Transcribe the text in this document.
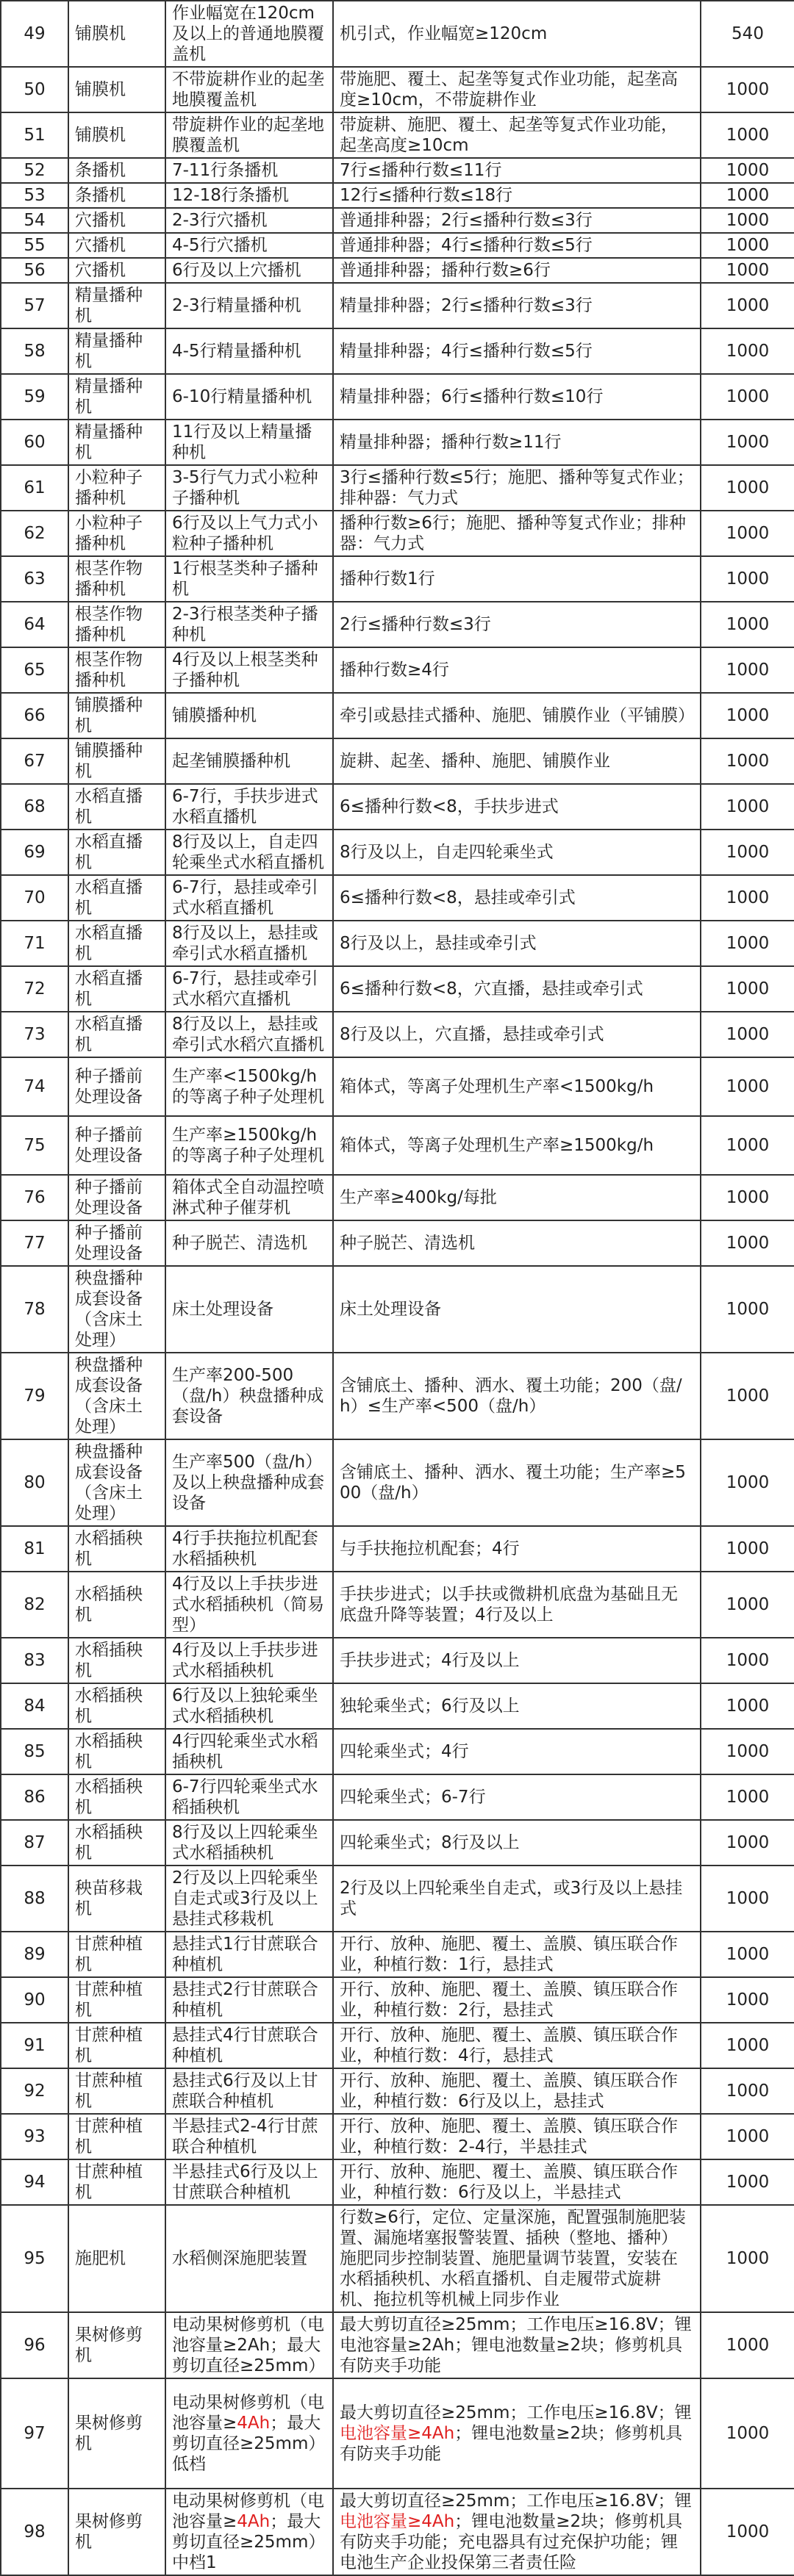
49	铺膜机	作业幅宽在120cm及以上的普通地膜覆盖机	机引式，作业幅宽≥120cm	540
50	铺膜机	不带旋耕作业的起垄地膜覆盖机	带施肥、覆土、起垄等复式作业功能，起垄高度≥10cm，不带旋耕作业	1000
51	铺膜机	带旋耕作业的起垄地膜覆盖机	带旋耕、施肥、覆土、起垄等复式作业功能，起垄高度≥10cm	1000
52	条播机	7-11行条播机	7行≤播种行数≤11行	1000
53	条播机	12-18行条播机	12行≤播种行数≤18行	1000
54	穴播机	2-3行穴播机	普通排种器；2行≤播种行数≤3行	1000
55	穴播机	4-5行穴播机	普通排种器；4行≤播种行数≤5行	1000
56	穴播机	6行及以上穴播机	普通排种器；播种行数≥6行	1000
57	精量播种机	2-3行精量播种机	精量排种器；2行≤播种行数≤3行	1000
58	精量播种机	4-5行精量播种机	精量排种器；4行≤播种行数≤5行	1000
59	精量播种机	6-10行精量播种机	精量排种器；6行≤播种行数≤10行	1000
60	精量播种机	11行及以上精量播种机	精量排种器；播种行数≥11行	1000
61	小粒种子播种机	3-5行气力式小粒种子播种机	3行≤播种行数≤5行；施肥、播种等复式作业；排种器：气力式	1000
62	小粒种子播种机	6行及以上气力式小粒种子播种机	播种行数≥6行；施肥、播种等复式作业；排种器：气力式	1000
63	根茎作物播种机	1行根茎类种子播种机	播种行数1行	1000
64	根茎作物播种机	2-3行根茎类种子播种机	2行≤播种行数≤3行	1000
65	根茎作物播种机	4行及以上根茎类种子播种机	播种行数≥4行	1000
66	铺膜播种机	铺膜播种机	牵引或悬挂式播种、施肥、铺膜作业（平铺膜）	1000
67	铺膜播种机	起垄铺膜播种机	旋耕、起垄、播种、施肥、铺膜作业	1000
68	水稻直播机	6-7行，手扶步进式水稻直播机	6≤播种行数<8，手扶步进式	1000
69	水稻直播机	8行及以上，自走四轮乘坐式水稻直播机	8行及以上，自走四轮乘坐式	1000
70	水稻直播机	6-7行，悬挂或牵引式水稻直播机	6≤播种行数<8，悬挂或牵引式	1000
71	水稻直播机	8行及以上，悬挂或牵引式水稻直播机	8行及以上，悬挂或牵引式	1000
72	水稻直播机	6-7行，悬挂或牵引式水稻穴直播机	6≤播种行数<8，穴直播，悬挂或牵引式	1000
73	水稻直播机	8行及以上，悬挂或牵引式水稻穴直播机	8行及以上，穴直播，悬挂或牵引式	1000
74	种子播前处理设备	生产率<1500kg/h的等离子种子处理机	箱体式，等离子处理机生产率<1500kg/h	1000
75	种子播前处理设备	生产率≥1500kg/h的等离子种子处理机	箱体式，等离子处理机生产率≥1500kg/h	1000
76	种子播前处理设备	箱体式全自动温控喷淋式种子催芽机	生产率≥400kg/每批	1000
77	种子播前处理设备	种子脱芒、清选机	种子脱芒、清选机	1000
78	秧盘播种成套设备（含床土处理）	床土处理设备	床土处理设备	1000
79	秧盘播种成套设备（含床土处理）	生产率200-500（盘/h）秧盘播种成套设备	含铺底土、播种、洒水、覆土功能；200（盘/h）≤生产率<500（盘/h）	1000
80	秧盘播种成套设备（含床土处理）	生产率500（盘/h）及以上秧盘播种成套设备	含铺底土、播种、洒水、覆土功能；生产率≥500（盘/h）	1000
81	水稻插秧机	4行手扶拖拉机配套水稻插秧机	与手扶拖拉机配套；4行	1000
82	水稻插秧机	4行及以上手扶步进式水稻插秧机（简易型）	手扶步进式；以手扶或微耕机底盘为基础且无底盘升降等装置；4行及以上	1000
83	水稻插秧机	4行及以上手扶步进式水稻插秧机	手扶步进式；4行及以上	1000
84	水稻插秧机	6行及以上独轮乘坐式水稻插秧机	独轮乘坐式；6行及以上	1000
85	水稻插秧机	4行四轮乘坐式水稻插秧机	四轮乘坐式；4行	1000
86	水稻插秧机	6-7行四轮乘坐式水稻插秧机	四轮乘坐式；6-7行	1000
87	水稻插秧机	8行及以上四轮乘坐式水稻插秧机	四轮乘坐式；8行及以上	1000
88	秧苗移栽机	2行及以上四轮乘坐自走式或3行及以上悬挂式移栽机	2行及以上四轮乘坐自走式，或3行及以上悬挂式	1000
89	甘蔗种植机	悬挂式1行甘蔗联合种植机	开行、放种、施肥、覆土、盖膜、镇压联合作业，种植行数：1行，悬挂式	1000
90	甘蔗种植机	悬挂式2行甘蔗联合种植机	开行、放种、施肥、覆土、盖膜、镇压联合作业，种植行数：2行，悬挂式	1000
91	甘蔗种植机	悬挂式4行甘蔗联合种植机	开行、放种、施肥、覆土、盖膜、镇压联合作业，种植行数：4行，悬挂式	1000
92	甘蔗种植机	悬挂式6行及以上甘蔗联合种植机	开行、放种、施肥、覆土、盖膜、镇压联合作业，种植行数：6行及以上，悬挂式	1000
93	甘蔗种植机	半悬挂式2-4行甘蔗联合种植机	开行、放种、施肥、覆土、盖膜、镇压联合作业，种植行数：2-4行，半悬挂式	1000
94	甘蔗种植机	半悬挂式6行及以上甘蔗联合种植机	开行、放种、施肥、覆土、盖膜、镇压联合作业，种植行数：6行及以上，半悬挂式	1000
95	施肥机	水稻侧深施肥装置	行数≥6行，定位、定量深施，配置强制施肥装置、漏施堵塞报警装置、插秧（整地、播种）施肥同步控制装置、施肥量调节装置，安装在水稻插秧机、水稻直播机、自走履带式旋耕机、拖拉机等机械上同步作业	1000
96	果树修剪机	电动果树修剪机（电池容量≥2Ah；最大剪切直径≥25mm）	最大剪切直径≥25mm；工作电压≥16.8V；锂电池容量≥2Ah；锂电池数量≥2块；修剪机具有防夹手功能	1000
97	果树修剪机	电动果树修剪机（电池容量≥4Ah；最大剪切直径≥25mm）低档	最大剪切直径≥25mm；工作电压≥16.8V；锂电池容量≥4Ah；锂电池数量≥2块；修剪机具有防夹手功能	1000
98	果树修剪机	电动果树修剪机（电池容量≥4Ah；最大剪切直径≥25mm）中档1	最大剪切直径≥25mm；工作电压≥16.8V；锂电池容量≥4Ah；锂电池数量≥2块；修剪机具有防夹手功能；充电器具有过充保护功能；锂电池生产企业投保第三者责任险	1000
